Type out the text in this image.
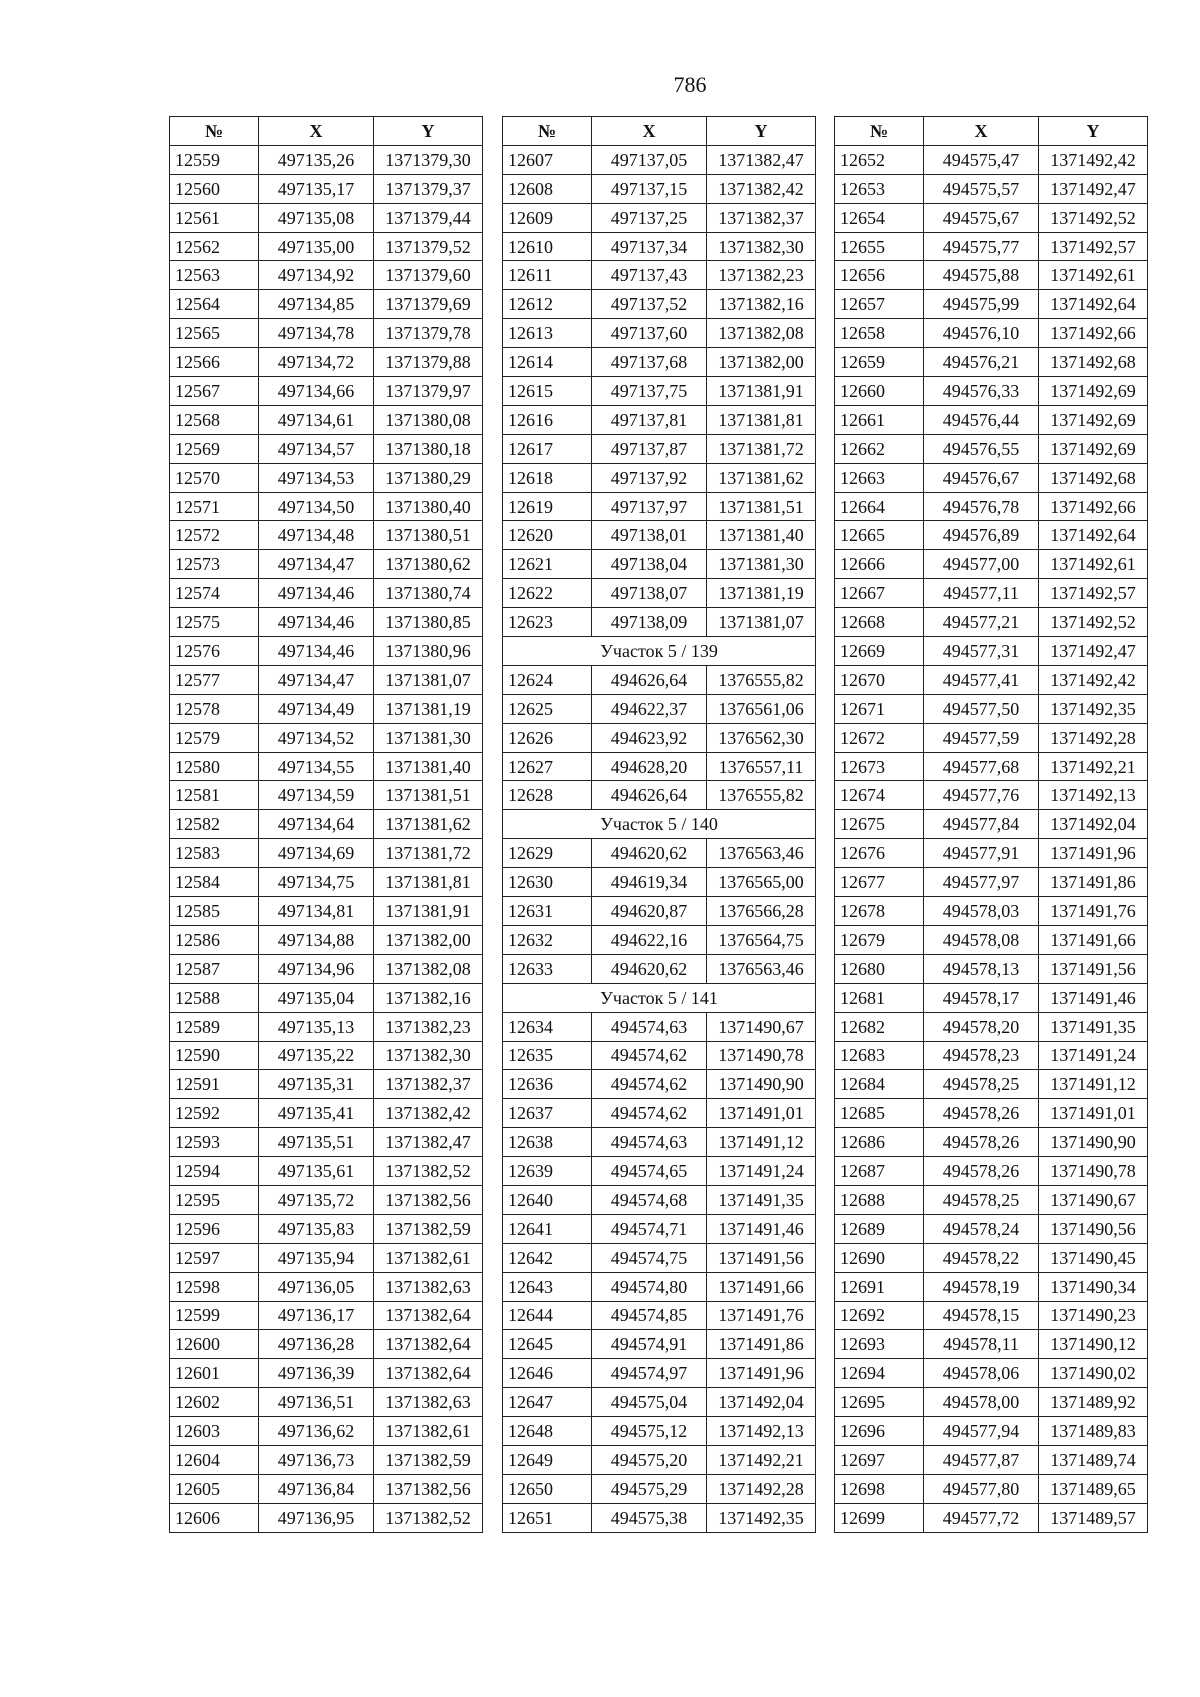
786
№	X	Y
12559	497135,26	1371379,30
12560	497135,17	1371379,37
12561	497135,08	1371379,44
12562	497135,00	1371379,52
12563	497134,92	1371379,60
12564	497134,85	1371379,69
12565	497134,78	1371379,78
12566	497134,72	1371379,88
12567	497134,66	1371379,97
12568	497134,61	1371380,08
12569	497134,57	1371380,18
12570	497134,53	1371380,29
12571	497134,50	1371380,40
12572	497134,48	1371380,51
12573	497134,47	1371380,62
12574	497134,46	1371380,74
12575	497134,46	1371380,85
12576	497134,46	1371380,96
12577	497134,47	1371381,07
12578	497134,49	1371381,19
12579	497134,52	1371381,30
12580	497134,55	1371381,40
12581	497134,59	1371381,51
12582	497134,64	1371381,62
12583	497134,69	1371381,72
12584	497134,75	1371381,81
12585	497134,81	1371381,91
12586	497134,88	1371382,00
12587	497134,96	1371382,08
12588	497135,04	1371382,16
12589	497135,13	1371382,23
12590	497135,22	1371382,30
12591	497135,31	1371382,37
12592	497135,41	1371382,42
12593	497135,51	1371382,47
12594	497135,61	1371382,52
12595	497135,72	1371382,56
12596	497135,83	1371382,59
12597	497135,94	1371382,61
12598	497136,05	1371382,63
12599	497136,17	1371382,64
12600	497136,28	1371382,64
12601	497136,39	1371382,64
12602	497136,51	1371382,63
12603	497136,62	1371382,61
12604	497136,73	1371382,59
12605	497136,84	1371382,56
12606	497136,95	1371382,52
№	X	Y
12607	497137,05	1371382,47
12608	497137,15	1371382,42
12609	497137,25	1371382,37
12610	497137,34	1371382,30
12611	497137,43	1371382,23
12612	497137,52	1371382,16
12613	497137,60	1371382,08
12614	497137,68	1371382,00
12615	497137,75	1371381,91
12616	497137,81	1371381,81
12617	497137,87	1371381,72
12618	497137,92	1371381,62
12619	497137,97	1371381,51
12620	497138,01	1371381,40
12621	497138,04	1371381,30
12622	497138,07	1371381,19
12623	497138,09	1371381,07
Участок 5 / 139		
12624	494626,64	1376555,82
12625	494622,37	1376561,06
12626	494623,92	1376562,30
12627	494628,20	1376557,11
12628	494626,64	1376555,82
Участок 5 / 140		
12629	494620,62	1376563,46
12630	494619,34	1376565,00
12631	494620,87	1376566,28
12632	494622,16	1376564,75
12633	494620,62	1376563,46
Участок 5 / 141		
12634	494574,63	1371490,67
12635	494574,62	1371490,78
12636	494574,62	1371490,90
12637	494574,62	1371491,01
12638	494574,63	1371491,12
12639	494574,65	1371491,24
12640	494574,68	1371491,35
12641	494574,71	1371491,46
12642	494574,75	1371491,56
12643	494574,80	1371491,66
12644	494574,85	1371491,76
12645	494574,91	1371491,86
12646	494574,97	1371491,96
12647	494575,04	1371492,04
12648	494575,12	1371492,13
12649	494575,20	1371492,21
12650	494575,29	1371492,28
12651	494575,38	1371492,35
№	X	Y
12652	494575,47	1371492,42
12653	494575,57	1371492,47
12654	494575,67	1371492,52
12655	494575,77	1371492,57
12656	494575,88	1371492,61
12657	494575,99	1371492,64
12658	494576,10	1371492,66
12659	494576,21	1371492,68
12660	494576,33	1371492,69
12661	494576,44	1371492,69
12662	494576,55	1371492,69
12663	494576,67	1371492,68
12664	494576,78	1371492,66
12665	494576,89	1371492,64
12666	494577,00	1371492,61
12667	494577,11	1371492,57
12668	494577,21	1371492,52
12669	494577,31	1371492,47
12670	494577,41	1371492,42
12671	494577,50	1371492,35
12672	494577,59	1371492,28
12673	494577,68	1371492,21
12674	494577,76	1371492,13
12675	494577,84	1371492,04
12676	494577,91	1371491,96
12677	494577,97	1371491,86
12678	494578,03	1371491,76
12679	494578,08	1371491,66
12680	494578,13	1371491,56
12681	494578,17	1371491,46
12682	494578,20	1371491,35
12683	494578,23	1371491,24
12684	494578,25	1371491,12
12685	494578,26	1371491,01
12686	494578,26	1371490,90
12687	494578,26	1371490,78
12688	494578,25	1371490,67
12689	494578,24	1371490,56
12690	494578,22	1371490,45
12691	494578,19	1371490,34
12692	494578,15	1371490,23
12693	494578,11	1371490,12
12694	494578,06	1371490,02
12695	494578,00	1371489,92
12696	494577,94	1371489,83
12697	494577,87	1371489,74
12698	494577,80	1371489,65
12699	494577,72	1371489,57
